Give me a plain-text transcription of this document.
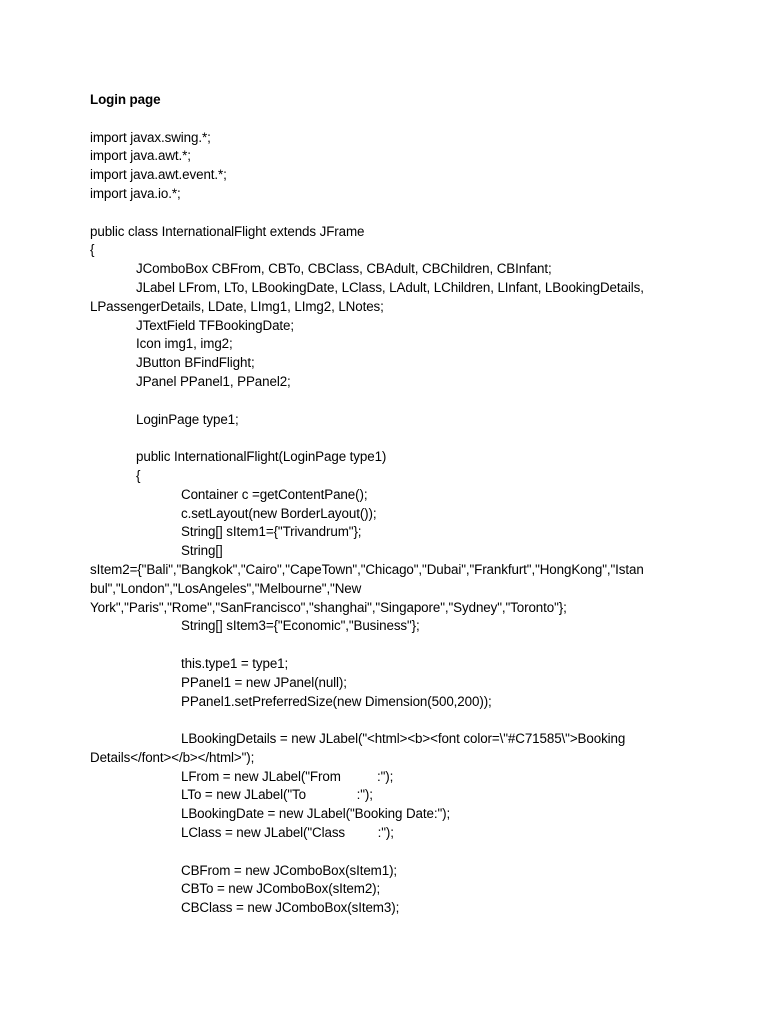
Login page
import javax.swing.*;
import java.awt.*;
import java.awt.event.*;
import java.io.*;
public class InternationalFlight extends JFrame
{
JComboBox CBFrom, CBTo, CBClass, CBAdult, CBChildren, CBInfant;
JLabel LFrom, LTo, LBookingDate, LClass, LAdult, LChildren, LInfant, LBookingDetails,
LPassengerDetails, LDate, LImg1, LImg2, LNotes;
JTextField TFBookingDate;
Icon img1, img2;
JButton BFindFlight;
JPanel PPanel1, PPanel2;
LoginPage type1;
public InternationalFlight(LoginPage type1)
{
Container c =getContentPane();
c.setLayout(new BorderLayout());
String[] sItem1={"Trivandrum"};
String[]
sItem2={"Bali","Bangkok","Cairo","CapeTown","Chicago","Dubai","Frankfurt","HongKong","Istan
bul","London","LosAngeles","Melbourne","New
York","Paris","Rome","SanFrancisco","shanghai","Singapore","Sydney","Toronto"};
String[] sItem3={"Economic","Business"};
this.type1 = type1;
PPanel1 = new JPanel(null);
PPanel1.setPreferredSize(new Dimension(500,200));
LBookingDetails = new JLabel("<html><b><font color=\"#C71585\">Booking
Details</font></b></html>");
LFrom = new JLabel("From          :");
LTo = new JLabel("To              :");
LBookingDate = new JLabel("Booking Date:");
LClass = new JLabel("Class         :");
CBFrom = new JComboBox(sItem1);
CBTo = new JComboBox(sItem2);
CBClass = new JComboBox(sItem3);
